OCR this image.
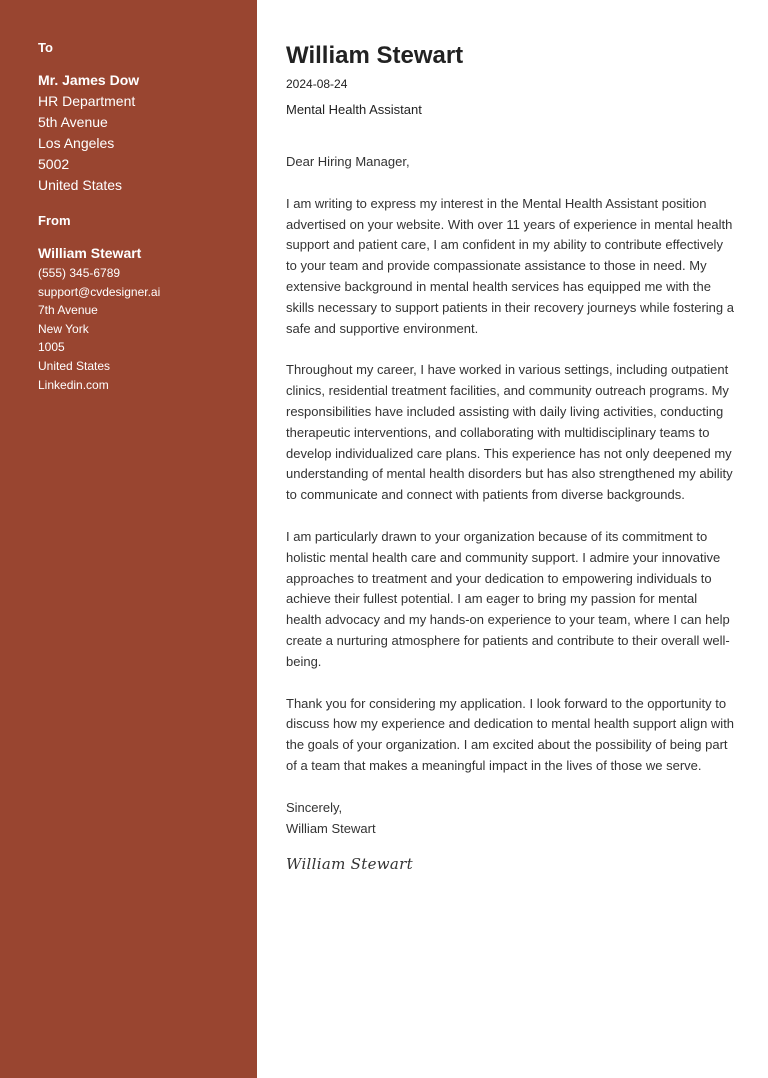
To
Mr. James Dow
HR Department
5th Avenue
Los Angeles
5002
United States
From
William Stewart
(555) 345-6789
support@cvdesigner.ai
7th Avenue
New York
1005
United States
Linkedin.com
William Stewart
2024-08-24
Mental Health Assistant
Dear Hiring Manager,

I am writing to express my interest in the Mental Health Assistant position advertised on your website. With over 11 years of experience in mental health support and patient care, I am confident in my ability to contribute effectively to your team and provide compassionate assistance to those in need. My extensive background in mental health services has equipped me with the skills necessary to support patients in their recovery journeys while fostering a safe and supportive environment.

Throughout my career, I have worked in various settings, including outpatient clinics, residential treatment facilities, and community outreach programs. My responsibilities have included assisting with daily living activities, conducting therapeutic interventions, and collaborating with multidisciplinary teams to develop individualized care plans. This experience has not only deepened my understanding of mental health disorders but has also strengthened my ability to communicate and connect with patients from diverse backgrounds.

I am particularly drawn to your organization because of its commitment to holistic mental health care and community support. I admire your innovative approaches to treatment and your dedication to empowering individuals to achieve their fullest potential. I am eager to bring my passion for mental health advocacy and my hands-on experience to your team, where I can help create a nurturing atmosphere for patients and contribute to their overall well-being.

Thank you for considering my application. I look forward to the opportunity to discuss how my experience and dedication to mental health support align with the goals of your organization. I am excited about the possibility of being part of a team that makes a meaningful impact in the lives of those we serve.

Sincerely,
William Stewart
William Stewart
